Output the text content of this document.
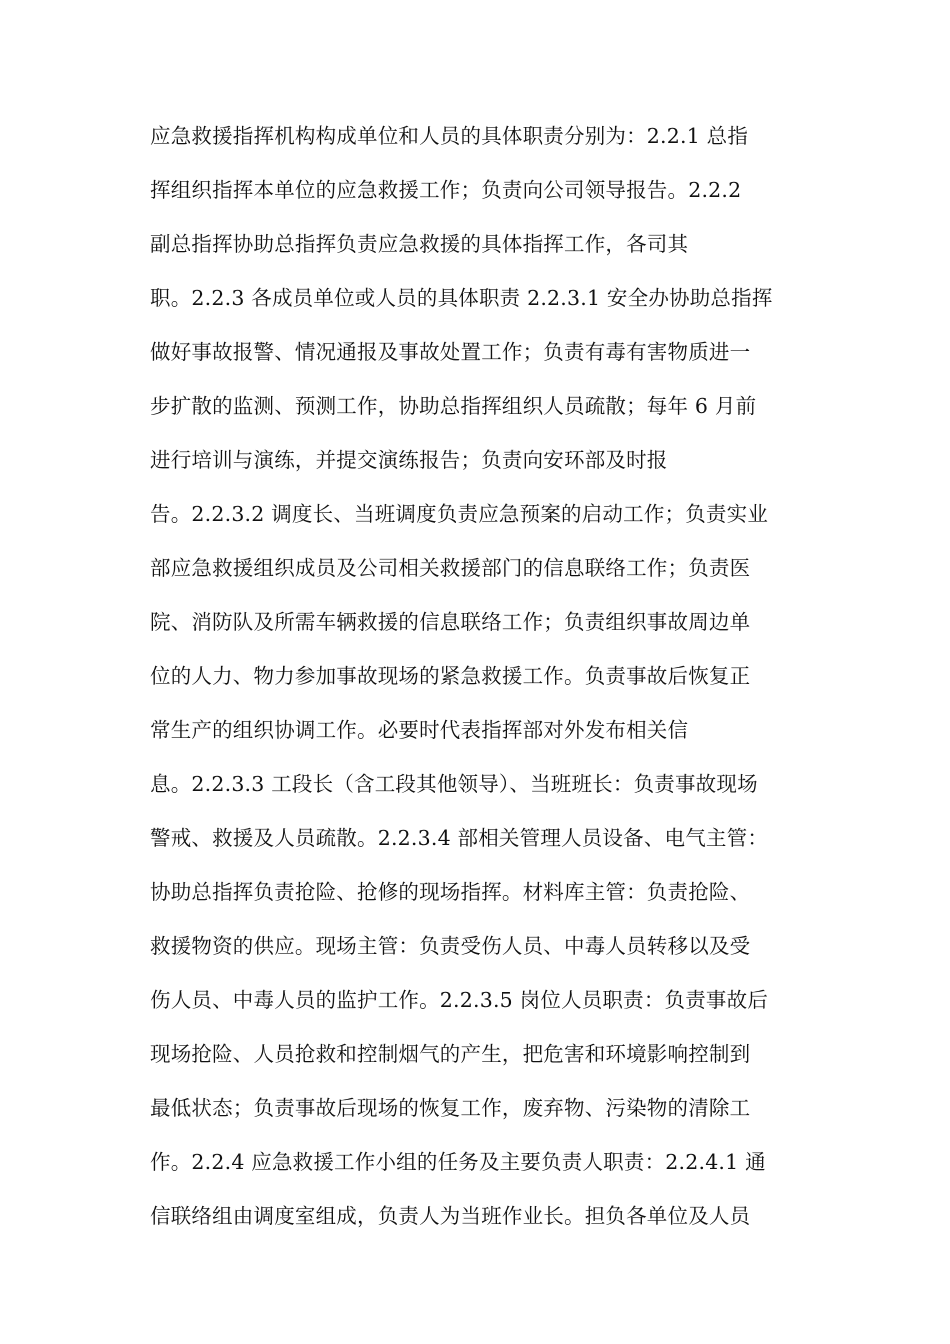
应急救援指挥机构构成单位和人员的具体职责分别为：2.2.1 总指
挥组织指挥本单位的应急救援工作；负责向公司领导报告。2.2.2
副总指挥协助总指挥负责应急救援的具体指挥工作，各司其
职。2.2.3 各成员单位或人员的具体职责 2.2.3.1 安全办协助总指挥
做好事故报警、情况通报及事故处置工作；负责有毒有害物质进一
步扩散的监测、预测工作，协助总指挥组织人员疏散；每年 6 月前
进行培训与演练，并提交演练报告；负责向安环部及时报
告。2.2.3.2 调度长、当班调度负责应急预案的启动工作；负责实业
部应急救援组织成员及公司相关救援部门的信息联络工作；负责医
院、消防队及所需车辆救援的信息联络工作；负责组织事故周边单
位的人力、物力参加事故现场的紧急救援工作。负责事故后恢复正
常生产的组织协调工作。必要时代表指挥部对外发布相关信
息。2.2.3.3 工段长（含工段其他领导）、当班班长：负责事故现场
警戒、救援及人员疏散。2.2.3.4 部相关管理人员设备、电气主管：
协助总指挥负责抢险、抢修的现场指挥。材料库主管：负责抢险、
救援物资的供应。现场主管：负责受伤人员、中毒人员转移以及受
伤人员、中毒人员的监护工作。2.2.3.5 岗位人员职责：负责事故后
现场抢险、人员抢救和控制烟气的产生，把危害和环境影响控制到
最低状态；负责事故后现场的恢复工作，废弃物、污染物的清除工
作。2.2.4 应急救援工作小组的任务及主要负责人职责：2.2.4.1 通
信联络组由调度室组成，负责人为当班作业长。担负各单位及人员
